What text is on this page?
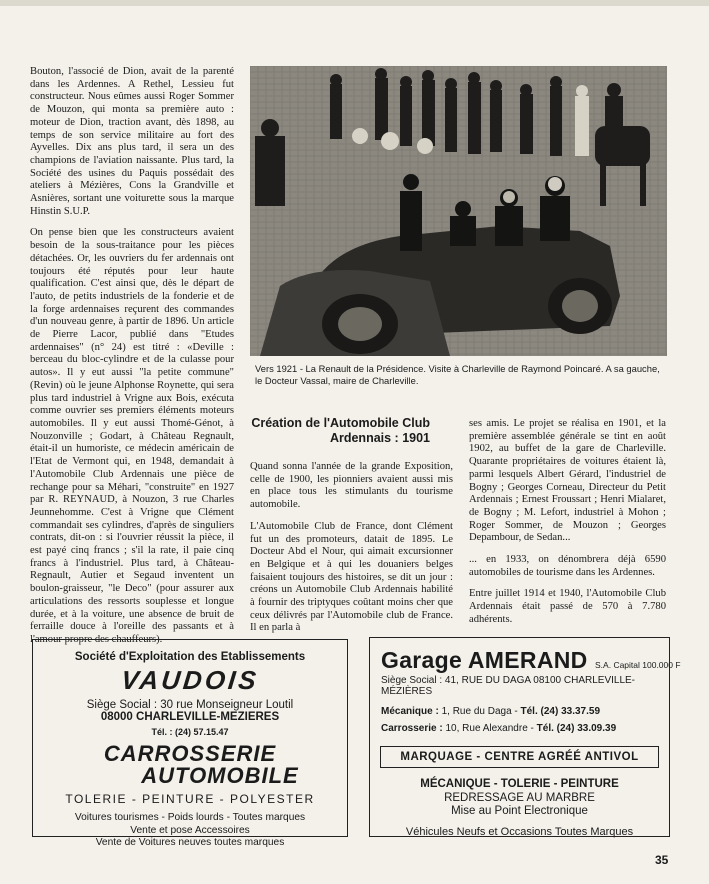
Bouton, l'associé de Dion, avait de la parenté dans les Ardennes. A Rethel, Lessieu fut constructeur. Nous eûmes aussi Roger Sommer de Mouzon, qui monta sa première auto : moteur de Dion, traction avant, dès 1898, au temps de son service militaire au fort des Ayvelles. Dix ans plus tard, il sera un des champions de l'aviation naissante. Plus tard, la Société des usines du Paquis possédait des ateliers à Mézières, Cons la Grandville et Asnières, sortant une voiturette sous la marque Hinstin S.U.P.

On pense bien que les constructeurs avaient besoin de la sous-traitance pour les pièces détachées. Or, les ouvriers du fer ardennais ont toujours été réputés pour leur haute qualification. C'est ainsi que, dès le départ de l'auto, de petits industriels de la fonderie et de la forge ardennaises reçurent des commandes d'un nouveau genre, à partir de 1896. Un article de Pierre Lacor, publié dans "Etudes ardennaises" (n° 24) est titré : «Deville : berceau du bloc-cylindre et de la culasse pour autos». Il y eut aussi "la petite commune" (Revin) où le jeune Alphonse Roynette, qui sera plus tard industriel à Vrigne aux Bois, exécuta comme ouvrier ses premiers éléments moteurs automobiles. Il y eut aussi Thomé-Génot, à Nouzonville ; Godart, à Château Regnault, était-il un humoriste, ce médecin américain de l'Etat de Vermont qui, en 1948, demandait à l'Automobile Club Ardennais une pièce de rechange pour sa Méhari, "construite" en 1927 par R. REYNAUD, à Nouzon, 3 rue Charles Jeunnehomme. C'est à Vrigne que Clément commandait ses cylindres, d'après de singuliers contrats, dit-on : si l'ouvrier réussit la pièce, il est payé cinq francs ; s'il la rate, il paie cinq francs à l'industriel. Plus tard, à Château-Regnault, Autier et Segaud inventent un boulon-graisseur, "le Deco" (pour assurer aux articulations des ressorts souplesse et longue durée, et à la voiture, une absence de bruit de ferraille douce à l'oreille des passants et à l'amour propre des chauffeurs).

Vers 1921 - La Renault de la Présidence. Visite à Charleville de Raymond Poincaré. A sa gauche, le Docteur Vassal, maire de Charleville.
Création de l'Automobile Club Ardennais : 1901

Quand sonna l'année de la grande Exposition, celle de 1900, les pionniers avaient aussi mis en place tous les stimulants du tourisme automobile.

L'Automobile Club de France, dont Clément fut un des promoteurs, datait de 1895. Le Docteur Abd el Nour, qui aimait excursionner en Belgique et à qui les douaniers belges faisaient toujours des histoires, se dit un jour : créons un Automobile Club Ardennais habilité à fournir des triptyques coûtant moins cher que ceux délivrés par l'Automobile club de France. Il en parla à

ses amis. Le projet se réalisa en 1901, et la première assemblée générale se tint en août 1902, au buffet de la gare de Charleville. Quarante propriétaires de voitures étaient là, parmi lesquels Albert Gérard, l'industriel de Bogny ; Georges Corneau, Directeur du Petit Ardennais ; Ernest Froussart ; Henri Mialaret, de Bogny ; M. Lefort, industriel à Mohon ; Roger Sommer, de Mouzon ; Georges Depambour, de Sedan...

... en 1933, on dénombrera déjà 6590 automobiles de tourisme dans les Ardennes.

Entre juillet 1914 et 1940, l'Automobile Club Ardennais était passé de 570 à 7.780 adhérents.

Société d'Exploitation des Etablissements
VAUDOIS
Siège Social : 30 rue Monseigneur Loutil
08000 CHARLEVILLE-MEZIERES
Tél. : (24) 57.15.47
CARROSSERIE
AUTOMOBILE
TOLERIE - PEINTURE - POLYESTER
Voitures tourismes - Poids lourds - Toutes marques
Vente et pose Accessoires
Vente de Voitures neuves toutes marques
Garage AMERAND S.A. Capital 100.000 F
Siège Social : 41, RUE DU DAGA 08100 CHARLEVILLE-MÉZIÈRES
Mécanique : 1, Rue du Daga - Tél. (24) 33.37.59
Carrosserie : 10, Rue Alexandre - Tél. (24) 33.09.39
MARQUAGE - CENTRE AGRÉÉ ANTIVOL
MÉCANIQUE - TOLERIE - PEINTURE
REDRESSAGE AU MARBRE
Mise au Point Electronique
Véhicules Neufs et Occasions Toutes Marques
35
